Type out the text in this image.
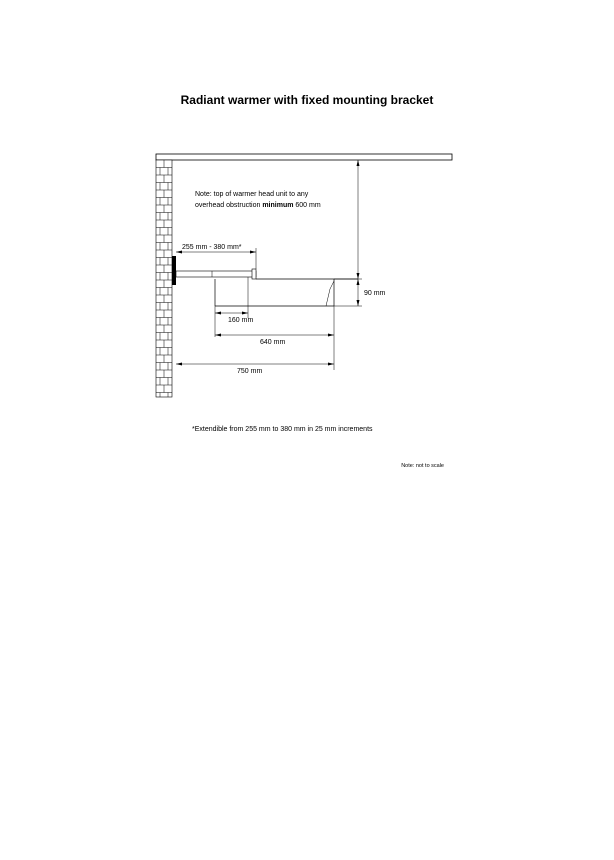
Radiant warmer with fixed mounting bracket
90 mm
Note: top of warmer head unit to any
overhead obstruction minimum 600 mm
255 mm - 380 mm*
160 mm
640 mm
750 mm
*Extendible from 255 mm to 380 mm in 25 mm increments
Note: not to scale
